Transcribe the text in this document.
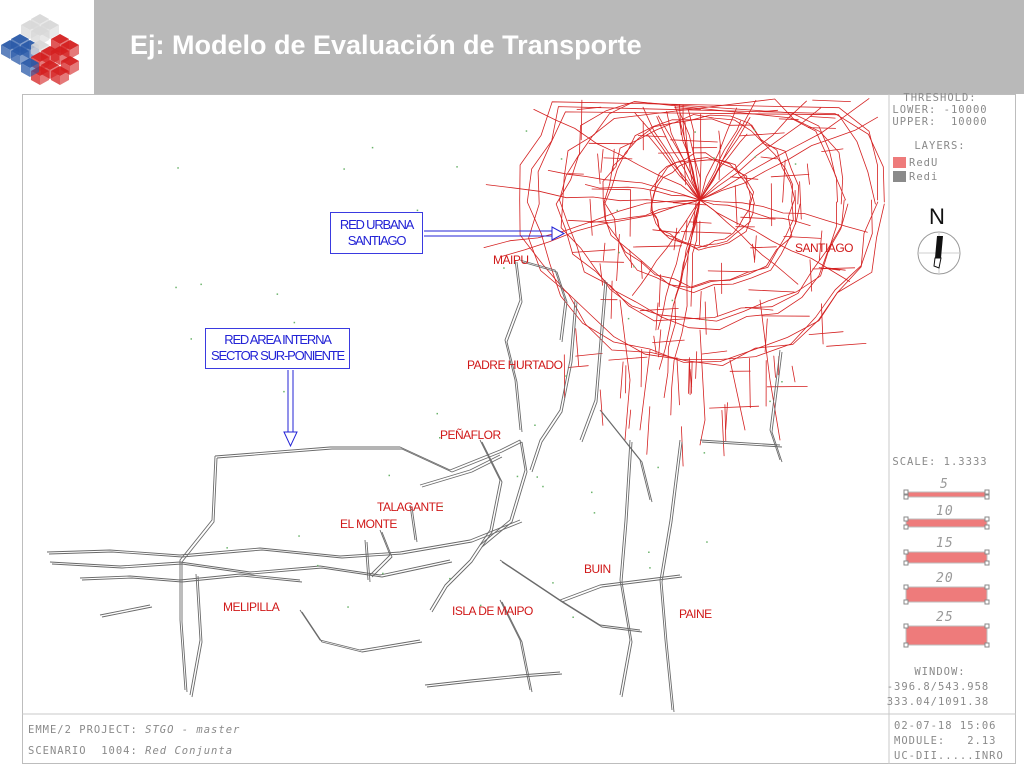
Ej: Modelo de Evaluación de Transporte
RED URBANA
SANTIAGO
RED AREA INTERNA
SECTOR SUR-PONIENTE
SANTIAGO
MAIPU
PADRE HURTADO
PEÑAFLOR
TALAGANTE
EL MONTE
BUIN
PAINE
MELIPILLA	ISLA DE MAIPO
THRESHOLD:
LOWER: -10000
UPPER:  10000
LAYERS:
RedU
Redi
N
SCALE: 1.3333
5
10
15
20
25
WINDOW:
-396.8/543.958
333.04/1091.38
EMME/2 PROJECT: STGO - master
SCENARIO  1004: Red Conjunta
02-07-18 15:06
MODULE:   2.13
UC-DII.....INRO
